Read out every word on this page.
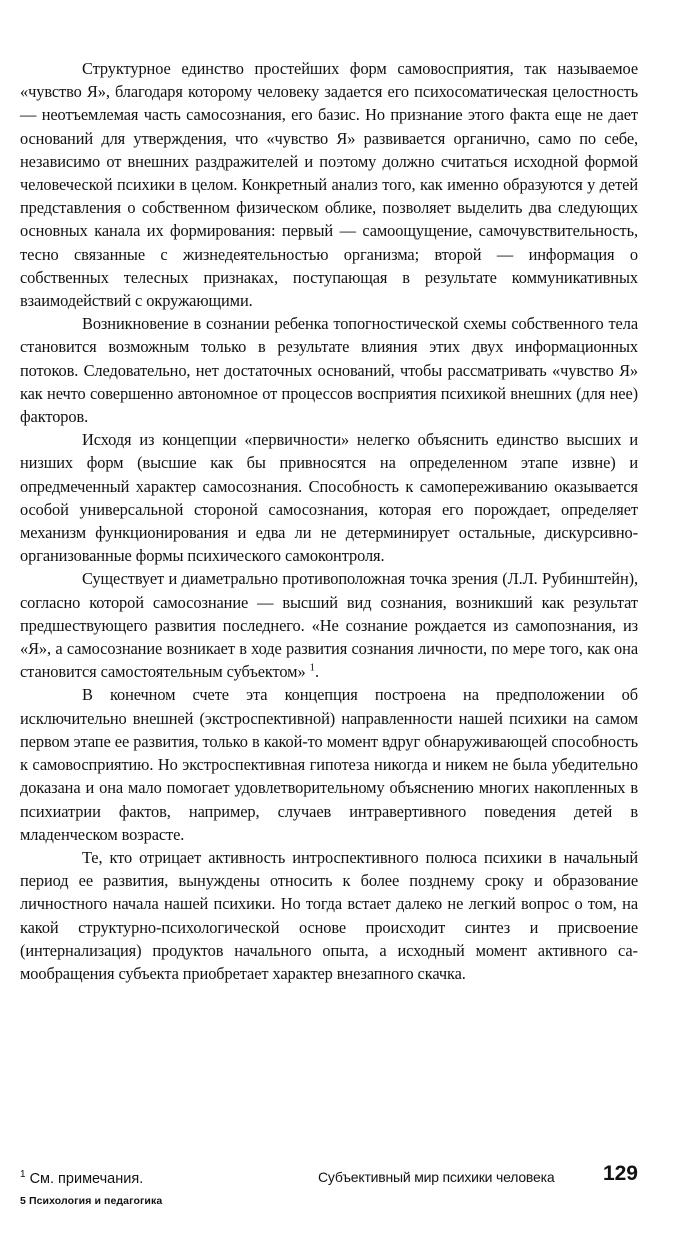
Структурное единство простейших форм самовосприятия, так называемое «чувство Я», благодаря которому человеку задается его психосоматическая целостность — неотъемлемая часть самосознания, его базис. Но признание этого факта еще не дает оснований для утверждения, что «чувство Я» развивается органично, само по себе, независимо от внешних раздражителей и поэтому должно считаться исходной формой человеческой психики в целом. Конкретный анализ того, как именно образуются у детей представления о собственном физическом облике, позволяет выделить два следующих основных канала их формирования: первый — самоощущение, самочувствительность, тесно связанные с жизнедеятельностью организма; второй — информация о собственных телесных признаках, поступающая в результате коммуникативных взаимодействий с окружающими.

Возникновение в сознании ребенка топогностической схемы собственного тела становится возможным только в результате влияния этих двух информационных потоков. Следовательно, нет достаточных оснований, чтобы рассматривать «чувство Я» как нечто совершенно автономное от процессов восприятия психикой внешних (для нее) факторов.

Исходя из концепции «первичности» нелегко объяснить единство высших и низших форм (высшие как бы привносятся на определенном этапе извне) и опредмеченный характер самосознания. Способность к самопереживанию оказывается особой универсальной стороной самосознания, которая его порождает, определяет механизм функционирования и едва ли не детерминирует остальные, дискурсивно-организованные формы психического самоконтроля.

Существует и диаметрально противоположная точка зрения (Л.Л. Рубинштейн), согласно которой самосознание — высший вид сознания, возникший как результат предшествующего развития последнего. «Не сознание рождается из самопознания, из «Я», а самосознание возникает в ходе развития сознания личности, по мере того, как она становится самостоятельным субъектом» $^1$.

В конечном счете эта концепция построена на предположении об исключительно внешней (экстроспективной) направленности нашей психики на самом первом этапе ее развития, только в какой-то момент вдруг обнаруживающей способность к самовосприятию. Но экстроспективная гипотеза никогда и никем не была убедительно доказана и она мало помогает удовлетворительному объяснению многих накопленных в психиатрии фактов, например, случаев интравертивного поведения детей в младенческом возрасте.

Те, кто отрицает активность интроспективного полюса психики в начальный период ее развития, вынуждены относить к более позднему сроку и образование личностного начала нашей психики. Но тогда встает далеко не легкий вопрос о том, на какой структурно-психологической основе происходит синтез и присвоение (интернализация) продуктов начального опыта, а исходный момент активного самообращения субъекта приобретает характер внезапного скачка.

$^1$ См. примечания.	Субъективный мир психики человека 129
5 Психология и педагогика
